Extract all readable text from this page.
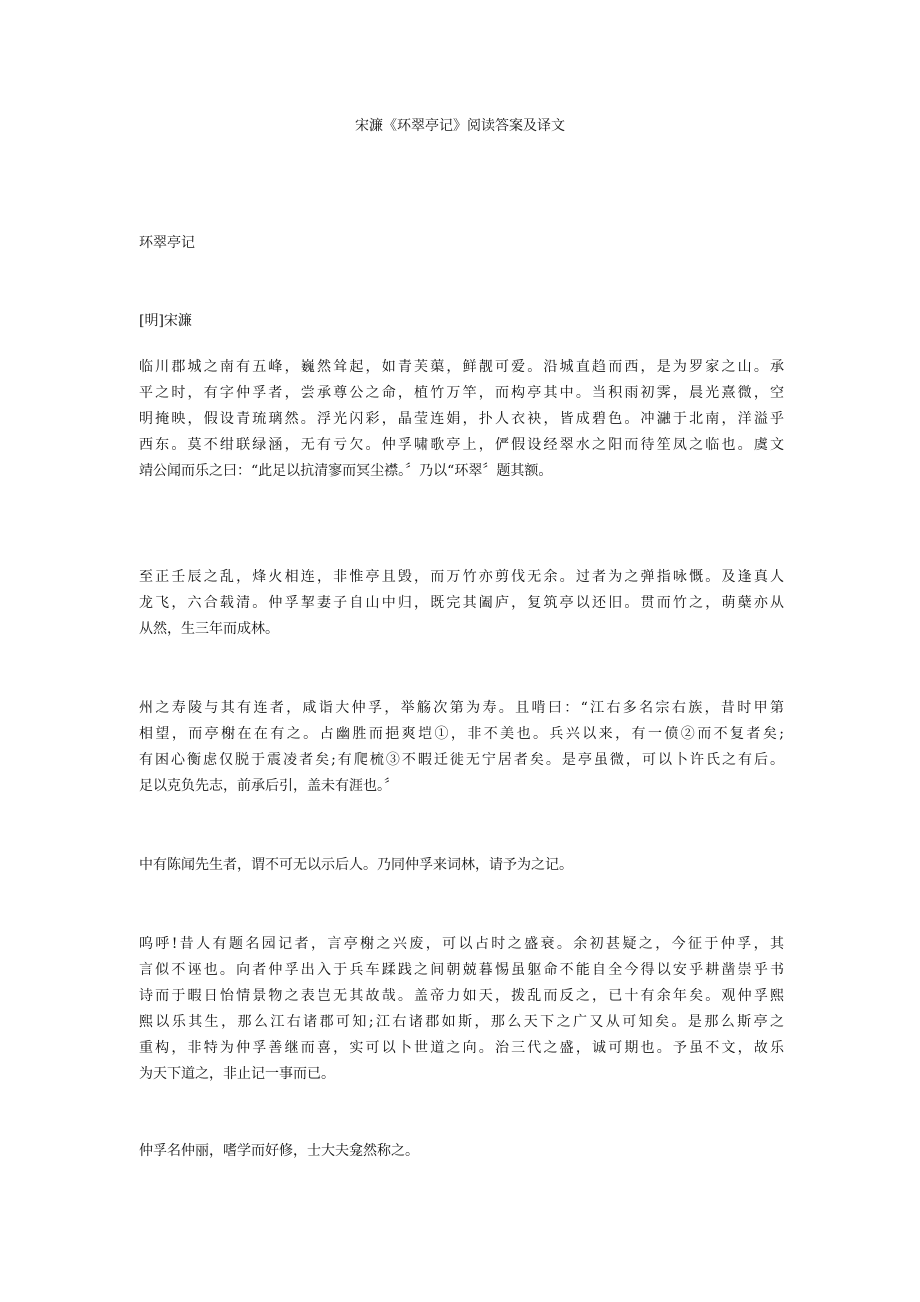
宋濂《环翠亭记》阅读答案及译文
环翠亭记
[明]宋濂
临川郡城之南有五峰，巍然耸起，如青芙蕖，鲜靓可爱。沿城直趋而西，是为罗家之山。承
平之时，有字仲孚者，尝承尊公之命，植竹万竿，而构亭其中。当积雨初霁，晨光熹微，空
明掩映，假设青琉璃然。浮光闪彩，晶莹连娟，扑人衣袂，皆成碧色。冲瀜于北南，洋溢乎
西东。莫不绀联绿涵，无有亏欠。仲孚啸歌亭上，俨假设经翠水之阳而待笙凤之临也。虞文
靖公闻而乐之曰：“此足以抗清寥而冥尘襟。〞乃以“环翠〞题其额。
至正壬辰之乱，烽火相连，非惟亭且毁，而万竹亦剪伐无余。过者为之弹指咏慨。及逢真人
龙飞，六合载清。仲孚挈妻子自山中归，既完其阖庐，复筑亭以还旧。贯而竹之，萌蘖亦从
从然，生三年而成林。
州之寿陵与其有连者，咸诣大仲孚，举觞次第为寿。且啃曰：“江右多名宗右族，昔时甲第
相望，而亭榭在在有之。占幽胜而挹爽垲①，非不美也。兵兴以来，有一偾②而不复者矣;
有困心衡虑仅脱于震凌者矣;有爬梳③不暇迁徙无宁居者矣。是亭虽微，可以卜许氏之有后。
足以克负先志，前承后引，盖未有涯也。〞
中有陈闻先生者，谓不可无以示后人。乃同仲孚来词林，请予为之记。
呜呼!昔人有题名园记者，言亭榭之兴废，可以占时之盛衰。余初甚疑之，今征于仲孚，其
言似不诬也。向者仲孚出入于兵车蹂践之间朝兢暮惕虽躯命不能自全今得以安乎耕凿崇乎书
诗而于暇日怡情景物之表岂无其故哉。盖帝力如天，拨乱而反之，已十有余年矣。观仲孚熙
熙以乐其生，那么江右诸郡可知;江右诸郡如斯，那么天下之广又从可知矣。是那么斯亭之
重构，非特为仲孚善继而喜，实可以卜世道之向。治三代之盛，诚可期也。予虽不文，故乐
为天下道之，非止记一事而已。
仲孚名仲丽，嗜学而好修，士大夫龛然称之。
